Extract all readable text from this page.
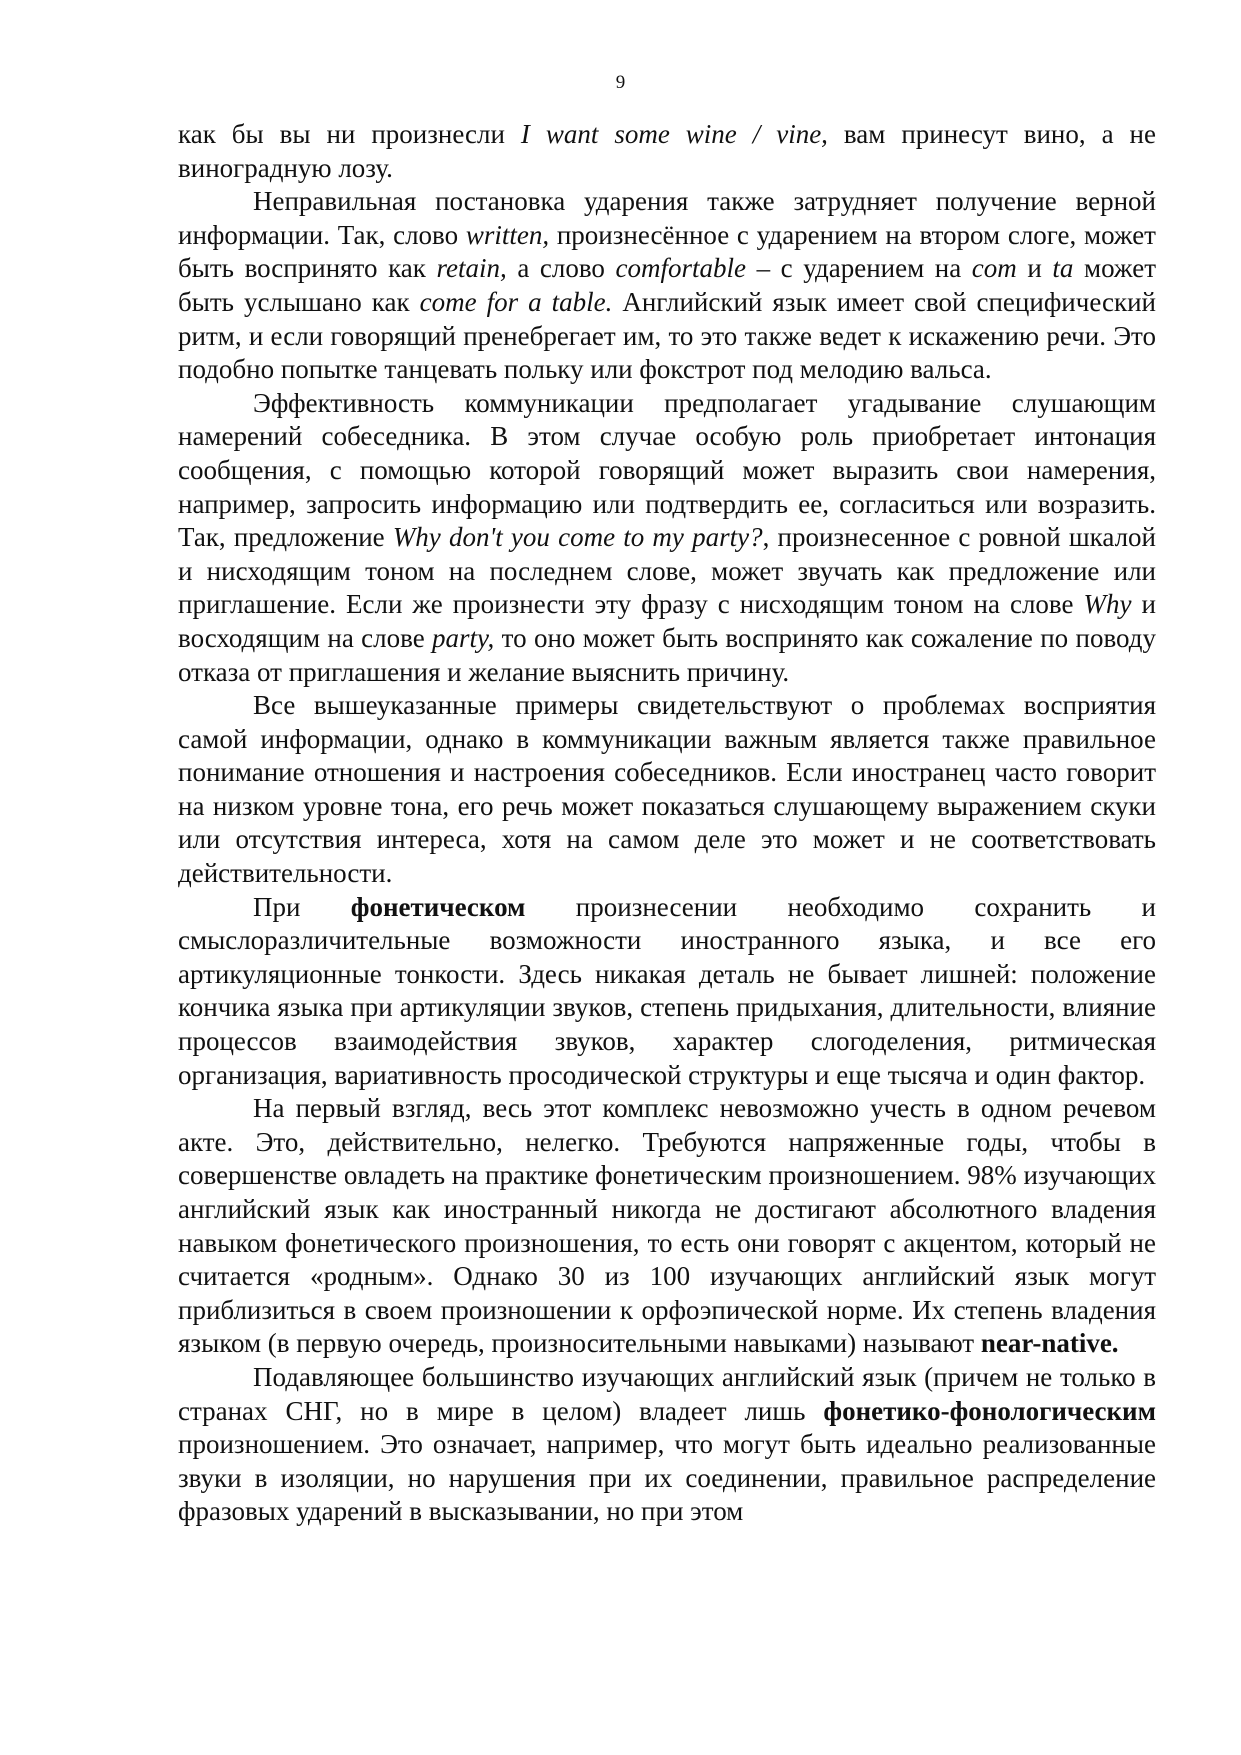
9

как бы вы ни произнесли I want some wine / vine, вам принесут вино, а не виноградную лозу.

Неправильная постановка ударения также затрудняет получение верной информации. Так, слово written, произнесённое с ударением на втором слоге, может быть воспринято как retain, а слово comfortable – с ударением на com и ta может быть услышано как come for a table. Английский язык имеет свой специфический ритм, и если говорящий пренебрегает им, то это также ведет к искажению речи. Это подобно попытке танцевать польку или фокстрот под мелодию вальса.

Эффективность коммуникации предполагает угадывание слушающим намерений собеседника. В этом случае особую роль приобретает интонация сообщения, с помощью которой говорящий может выразить свои намерения, например, запросить информацию или подтвердить ее, согласиться или возразить. Так, предложение Why don't you come to my party?, произнесенное с ровной шкалой и нисходящим тоном на последнем слове, может звучать как предложение или приглашение. Если же произнести эту фразу с нисходящим тоном на слове Why и восходящим на слове party, то оно может быть воспринято как сожаление по поводу отказа от приглашения и желание выяснить причину.

Все вышеуказанные примеры свидетельствуют о проблемах восприятия самой информации, однако в коммуникации важным является также правильное понимание отношения и настроения собеседников. Если иностранец часто говорит на низком уровне тона, его речь может показаться слушающему выражением скуки или отсутствия интереса, хотя на самом деле это может и не соответствовать действительности.

При фонетическом произнесении необходимо сохранить и смыслоразличительные возможности иностранного языка, и все его артикуляционные тонкости. Здесь никакая деталь не бывает лишней: положение кончика языка при артикуляции звуков, степень придыхания, длительности, влияние процессов взаимодействия звуков, характер слогоделения, ритмическая организация, вариативность просодической структуры и еще тысяча и один фактор.

На первый взгляд, весь этот комплекс невозможно учесть в одном речевом акте. Это, действительно, нелегко. Требуются напряженные годы, чтобы в совершенстве овладеть на практике фонетическим произношением. 98% изучающих английский язык как иностранный никогда не достигают абсолютного владения навыком фонетического произношения, то есть они говорят с акцентом, который не считается «родным». Однако 30 из 100 изучающих английский язык могут приблизиться в своем произношении к орфоэпической норме. Их степень владения языком (в первую очередь, произносительными навыками) называют near-native.

Подавляющее большинство изучающих английский язык (причем не только в странах СНГ, но в мире в целом) владеет лишь фонетико-фонологическим произношением. Это означает, например, что могут быть идеально реализованные звуки в изоляции, но нарушения при их соединении, правильное распределение фразовых ударений в высказывании, но при этом
